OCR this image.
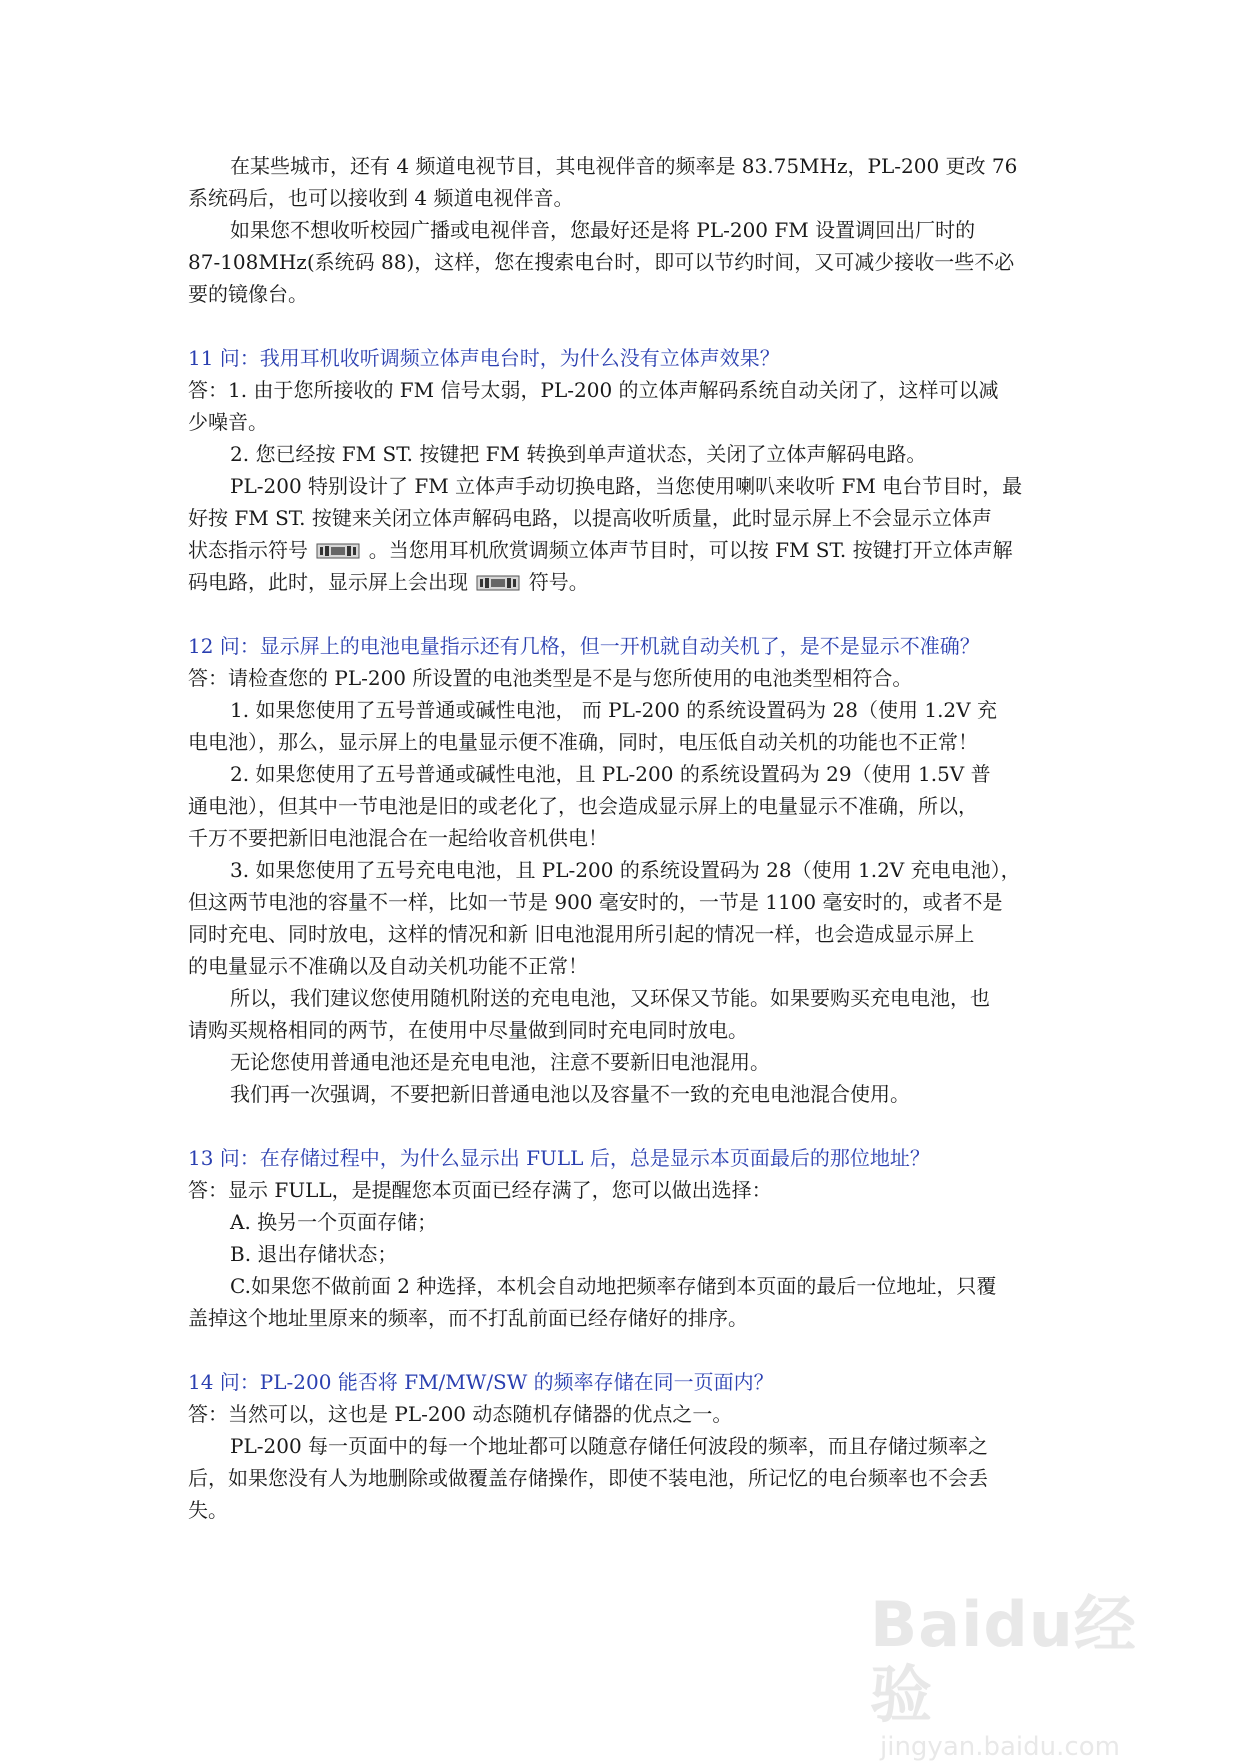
在某些城市，还有 4 频道电视节目，其电视伴音的频率是 83.75MHz，PL-200 更改 76

系统码后，也可以接收到 4 频道电视伴音。

如果您不想收听校园广播或电视伴音，您最好还是将 PL-200 FM 设置调回出厂时的

87-108MHz(系统码 88)，这样，您在搜索电台时，即可以节约时间，又可减少接收一些不必

要的镜像台。

11 问：我用耳机收听调频立体声电台时，为什么没有立体声效果？

答：1. 由于您所接收的 FM 信号太弱，PL-200 的立体声解码系统自动关闭了，这样可以减

少噪音。

2. 您已经按 FM ST. 按键把 FM 转换到单声道状态，关闭了立体声解码电路。

PL-200 特别设计了 FM 立体声手动切换电路，当您使用喇叭来收听 FM 电台节目时，最

好按 FM ST. 按键来关闭立体声解码电路，以提高收听质量，此时显示屏上不会显示立体声

状态指示符号	。当您用耳机欣赏调频立体声节目时，可以按 FM ST. 按键打开立体声解

码电路，此时，显示屏上会出现	符号。

12 问：显示屏上的电池电量指示还有几格，但一开机就自动关机了，是不是显示不准确？

答：请检查您的 PL-200 所设置的电池类型是不是与您所使用的电池类型相符合。

1. 如果您使用了五号普通或碱性电池， 而 PL-200 的系统设置码为 28（使用 1.2V 充

电电池），那么，显示屏上的电量显示便不准确，同时，电压低自动关机的功能也不正常！

2. 如果您使用了五号普通或碱性电池，且 PL-200 的系统设置码为 29（使用 1.5V 普

通电池），但其中一节电池是旧的或老化了，也会造成显示屏上的电量显示不准确，所以，

千万不要把新旧电池混合在一起给收音机供电！

3. 如果您使用了五号充电电池，且 PL-200 的系统设置码为 28（使用 1.2V 充电电池），

但这两节电池的容量不一样，比如一节是 900 毫安时的，一节是 1100 毫安时的，或者不是

同时充电、同时放电，这样的情况和新 旧电池混用所引起的情况一样，也会造成显示屏上

的电量显示不准确以及自动关机功能不正常！

所以，我们建议您使用随机附送的充电电池，又环保又节能。如果要购买充电电池，也

请购买规格相同的两节，在使用中尽量做到同时充电同时放电。

无论您使用普通电池还是充电电池，注意不要新旧电池混用。

我们再一次强调，不要把新旧普通电池以及容量不一致的充电电池混合使用。

13 问：在存储过程中，为什么显示出 FULL 后，总是显示本页面最后的那位地址？

答：显示 FULL，是提醒您本页面已经存满了，您可以做出选择：

A. 换另一个页面存储；

B. 退出存储状态；

C.如果您不做前面 2 种选择，本机会自动地把频率存储到本页面的最后一位地址，只覆

盖掉这个地址里原来的频率，而不打乱前面已经存储好的排序。

14 问：PL-200 能否将 FM/MW/SW 的频率存储在同一页面内？

答：当然可以，这也是 PL-200 动态随机存储器的优点之一。

PL-200 每一页面中的每一个地址都可以随意存储任何波段的频率，而且存储过频率之

后，如果您没有人为地删除或做覆盖存储操作，即使不装电池，所记忆的电台频率也不会丢

失。

Baidu经验
jingyan.baidu.com
